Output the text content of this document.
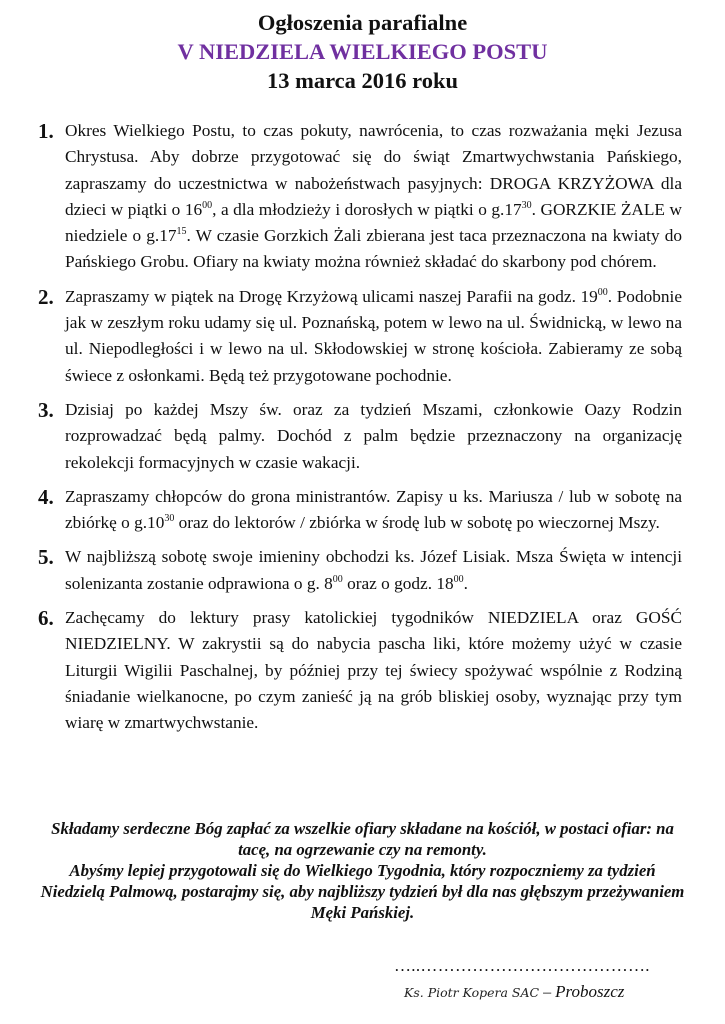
Ogłoszenia parafialne
V NIEDZIELA WIELKIEGO POSTU
13 marca 2016 roku
1. Okres Wielkiego Postu, to czas pokuty, nawrócenia, to czas rozważania męki Jezusa Chrystusa. Aby dobrze przygotować się do świąt Zmartwychwstania Pańskiego, zapraszamy do uczestnictwa w nabożeństwach pasyjnych: DROGA KRZYŻOWA dla dzieci w piątki o $16^{00}$, a dla młodzieży i dorosłych w piątki o $g.17^{30}$. GORZKIE ŻALE w niedziele o $g.17^{15}$. W czasie Gorzkich Żali zbierana jest taca przeznaczona na kwiaty do Pańskiego Grobu. Ofiary na kwiaty można również składać do skarbony pod chórem.
2. Zapraszamy w piątek na Drogę Krzyżową ulicami naszej Parafii na godz. $19^{00}$. Podobnie jak w zeszłym roku udamy się ul. Poznańską, potem w lewo na ul. Świdnicką, w lewo na ul. Niepodległości i w lewo na ul. Skłodowskiej w stronę kościoła. Zabieramy ze sobą świece z osłonkami. Będą też przygotowane pochodnie.
3. Dzisiaj po każdej Mszy św. oraz za tydzień Mszami, członkowie Oazy Rodzin rozprowadzać będą palmy. Dochód z palm będzie przeznaczony na organizację rekolekcji formacyjnych w czasie wakacji.
4. Zapraszamy chłopców do grona ministrantów. Zapisy u ks. Mariusza / lub w sobotę na zbiórkę o $g.10^{30}$ oraz do lektorów / zbiórka w środę lub w sobotę po wieczornej Mszy.
5. W najbliższą sobotę swoje imieniny obchodzi ks. Józef Lisiak. Msza Święta w intencji solenizanta zostanie odprawiona o g. $8^{00}$ oraz o godz. $18^{00}$.
6. Zachęcamy do lektury prasy katolickiej tygodników NIEDZIELA oraz GOŚĆ NIEDZIELNY. W zakrystii są do nabycia pascha liki, które możemy użyć w czasie Liturgii Wigilii Paschalnej, by później przy tej świecy spożywać wspólnie z Rodziną śniadanie wielkanocne, po czym zanieść ją na grób bliskiej osoby, wyznając przy tym wiarę w zmartwychwstanie.
Składamy serdeczne Bóg zapłać za wszelkie ofiary składane na kościół, w postaci ofiar: na tacę, na ogrzewanie czy na remonty.
Abyśmy lepiej przygotowali się do Wielkiego Tygodnia, który rozpoczniemy za tydzień Niedzielą Palmową, postarajmy się, aby najbliższy tydzień był dla nas głębszym przeżywaniem Męki Pańskiej.
…..………………………………….
Ks. Piotr Kopera SAC – Proboszcz
